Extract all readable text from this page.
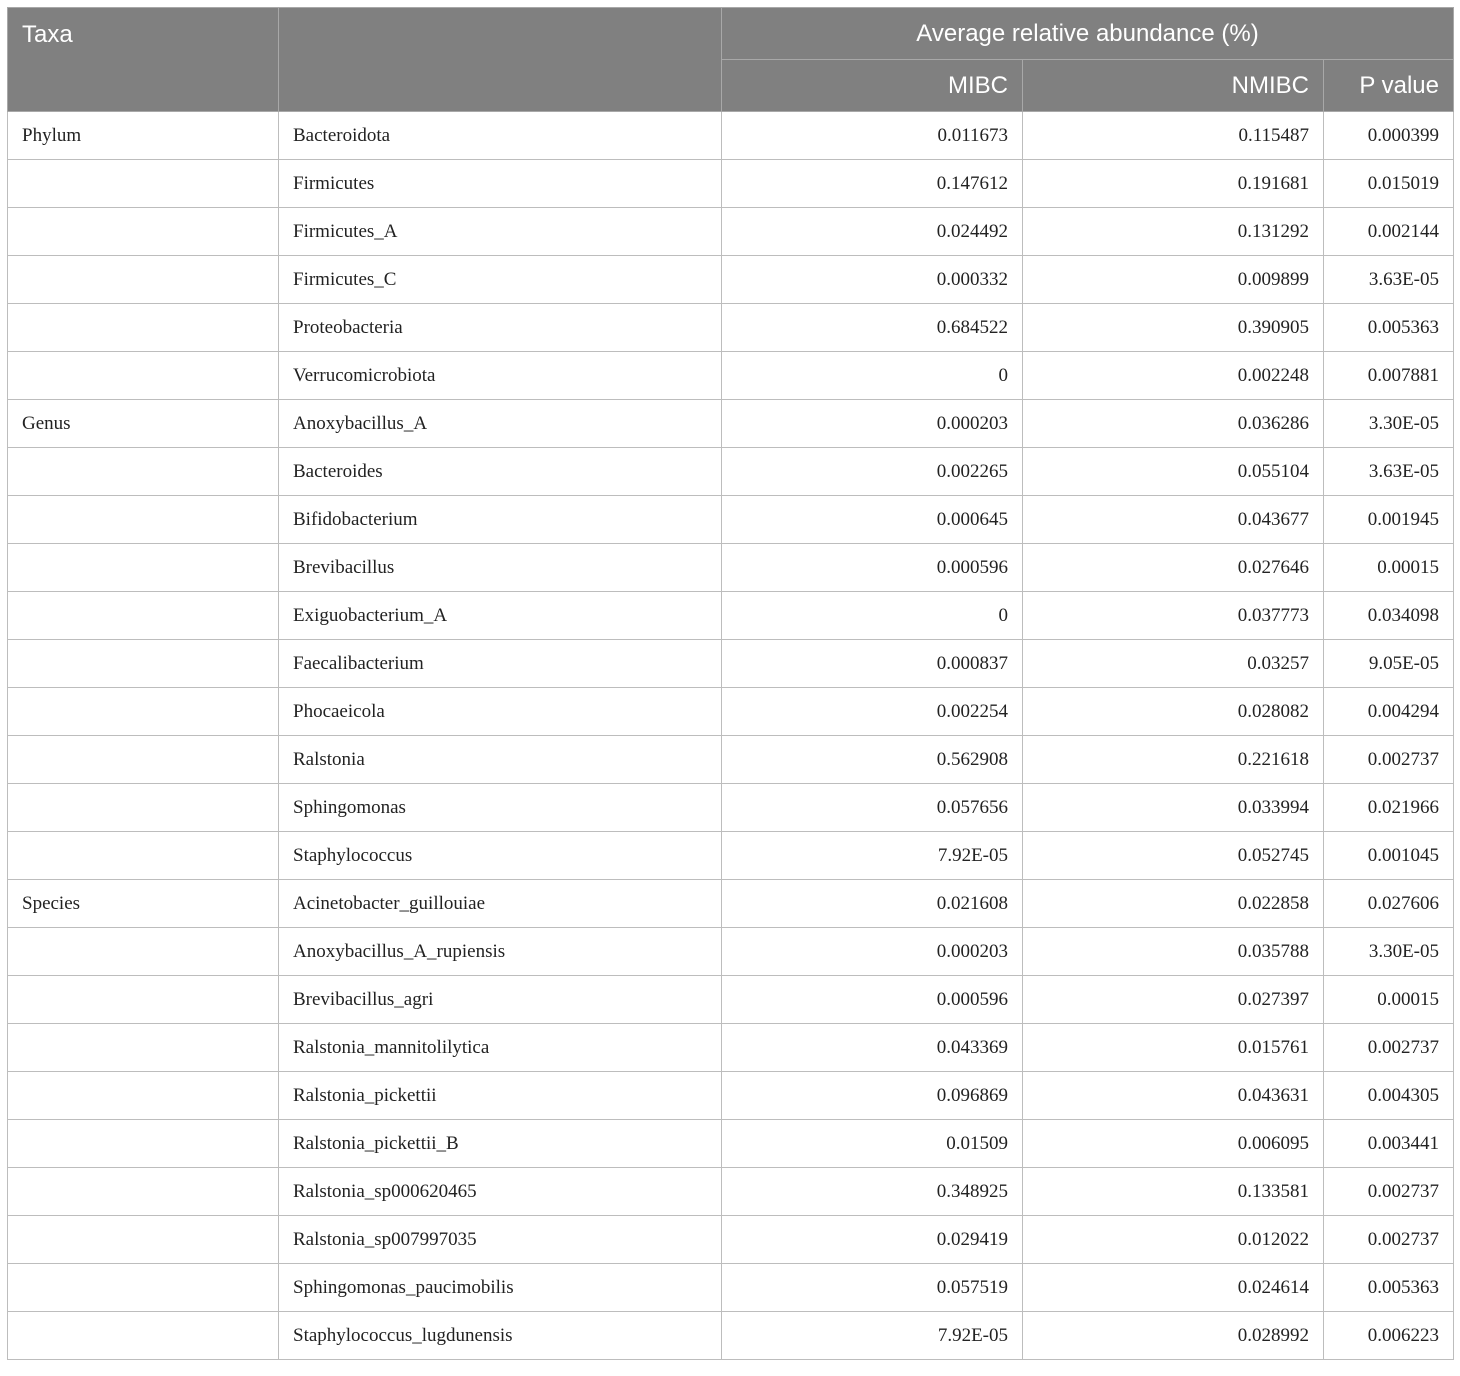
Taxa		Average relative abundance (%)		
		MIBC	NMIBC	P value
Phylum	Bacteroidota	0.011673	0.115487	0.000399
	Firmicutes	0.147612	0.191681	0.015019
	Firmicutes_A	0.024492	0.131292	0.002144
	Firmicutes_C	0.000332	0.009899	3.63E-05
	Proteobacteria	0.684522	0.390905	0.005363
	Verrucomicrobiota	0	0.002248	0.007881
Genus	Anoxybacillus_A	0.000203	0.036286	3.30E-05
	Bacteroides	0.002265	0.055104	3.63E-05
	Bifidobacterium	0.000645	0.043677	0.001945
	Brevibacillus	0.000596	0.027646	0.00015
	Exiguobacterium_A	0	0.037773	0.034098
	Faecalibacterium	0.000837	0.03257	9.05E-05
	Phocaeicola	0.002254	0.028082	0.004294
	Ralstonia	0.562908	0.221618	0.002737
	Sphingomonas	0.057656	0.033994	0.021966
	Staphylococcus	7.92E-05	0.052745	0.001045
Species	Acinetobacter_guillouiae	0.021608	0.022858	0.027606
	Anoxybacillus_A_rupiensis	0.000203	0.035788	3.30E-05
	Brevibacillus_agri	0.000596	0.027397	0.00015
	Ralstonia_mannitolilytica	0.043369	0.015761	0.002737
	Ralstonia_pickettii	0.096869	0.043631	0.004305
	Ralstonia_pickettii_B	0.01509	0.006095	0.003441
	Ralstonia_sp000620465	0.348925	0.133581	0.002737
	Ralstonia_sp007997035	0.029419	0.012022	0.002737
	Sphingomonas_paucimobilis	0.057519	0.024614	0.005363
	Staphylococcus_lugdunensis	7.92E-05	0.028992	0.006223
